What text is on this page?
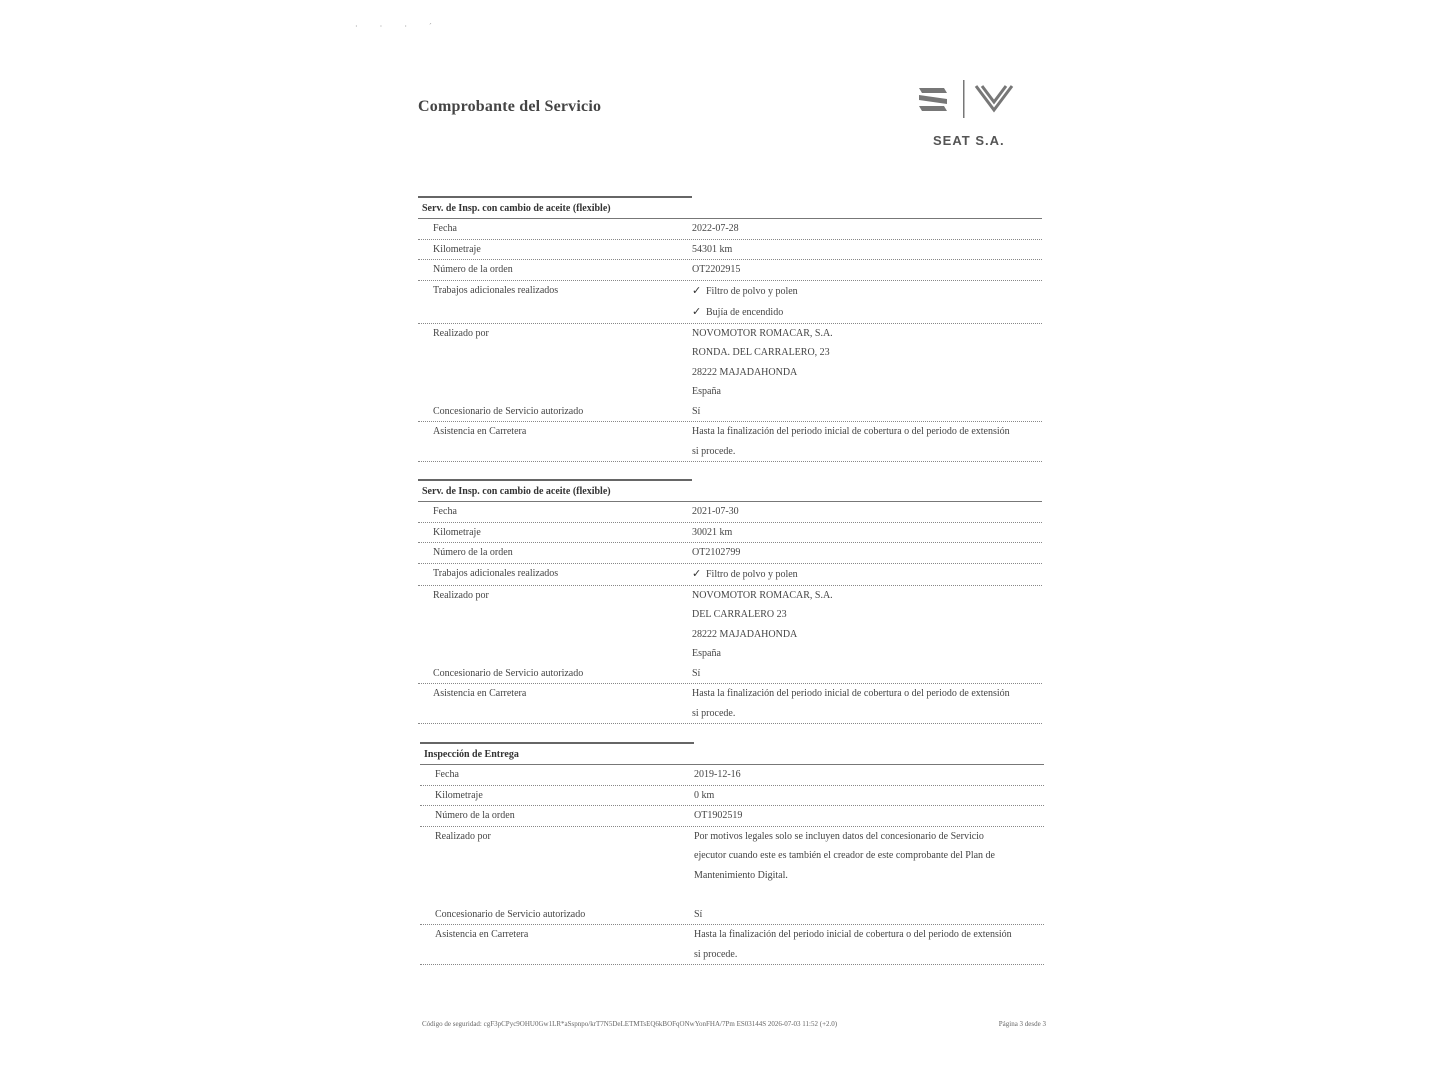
· · · ˊ
Comprobante del Servicio
SEAT S.A.
Serv. de Insp. con cambio de aceite (flexible)
Fecha	2022-07-28
Kilometraje	54301 km
Número de la orden	OT2202915
Trabajos adicionales realizados	✓ Filtro de polvo y polen
✓ Bujía de encendido
Realizado por	NOVOMOTOR ROMACAR, S.A.
RONDA. DEL CARRALERO, 23
28222 MAJADAHONDA
España
Concesionario de Servicio autorizado	Sí
Asistencia en Carretera	Hasta la finalización del periodo inicial de cobertura o del periodo de extensión
si procede.
Serv. de Insp. con cambio de aceite (flexible)
Fecha	2021-07-30
Kilometraje	30021 km
Número de la orden	OT2102799
Trabajos adicionales realizados	✓ Filtro de polvo y polen
Realizado por	NOVOMOTOR ROMACAR, S.A.
DEL CARRALERO 23
28222 MAJADAHONDA
España
Concesionario de Servicio autorizado	Sí
Asistencia en Carretera	Hasta la finalización del periodo inicial de cobertura o del periodo de extensión
si procede.
Inspección de Entrega
Fecha	2019-12-16
Kilometraje	0 km
Número de la orden	OT1902519
Realizado por	Por motivos legales solo se incluyen datos del concesionario de Servicio
ejecutor cuando este es también el creador de este comprobante del Plan de
Mantenimiento Digital.
Concesionario de Servicio autorizado	Sí
Asistencia en Carretera	Hasta la finalización del periodo inicial de cobertura o del periodo de extensión
si procede.
Código de seguridad: cgF3pCPyc9OHU0Gw1LR*aSspnpo/krT7N5DeLETMTsEQ6kBOFqONwYonFHA/7Pm ES03144S 2026-07-03 11:52 (+2.0)	Página 3 desde 3
